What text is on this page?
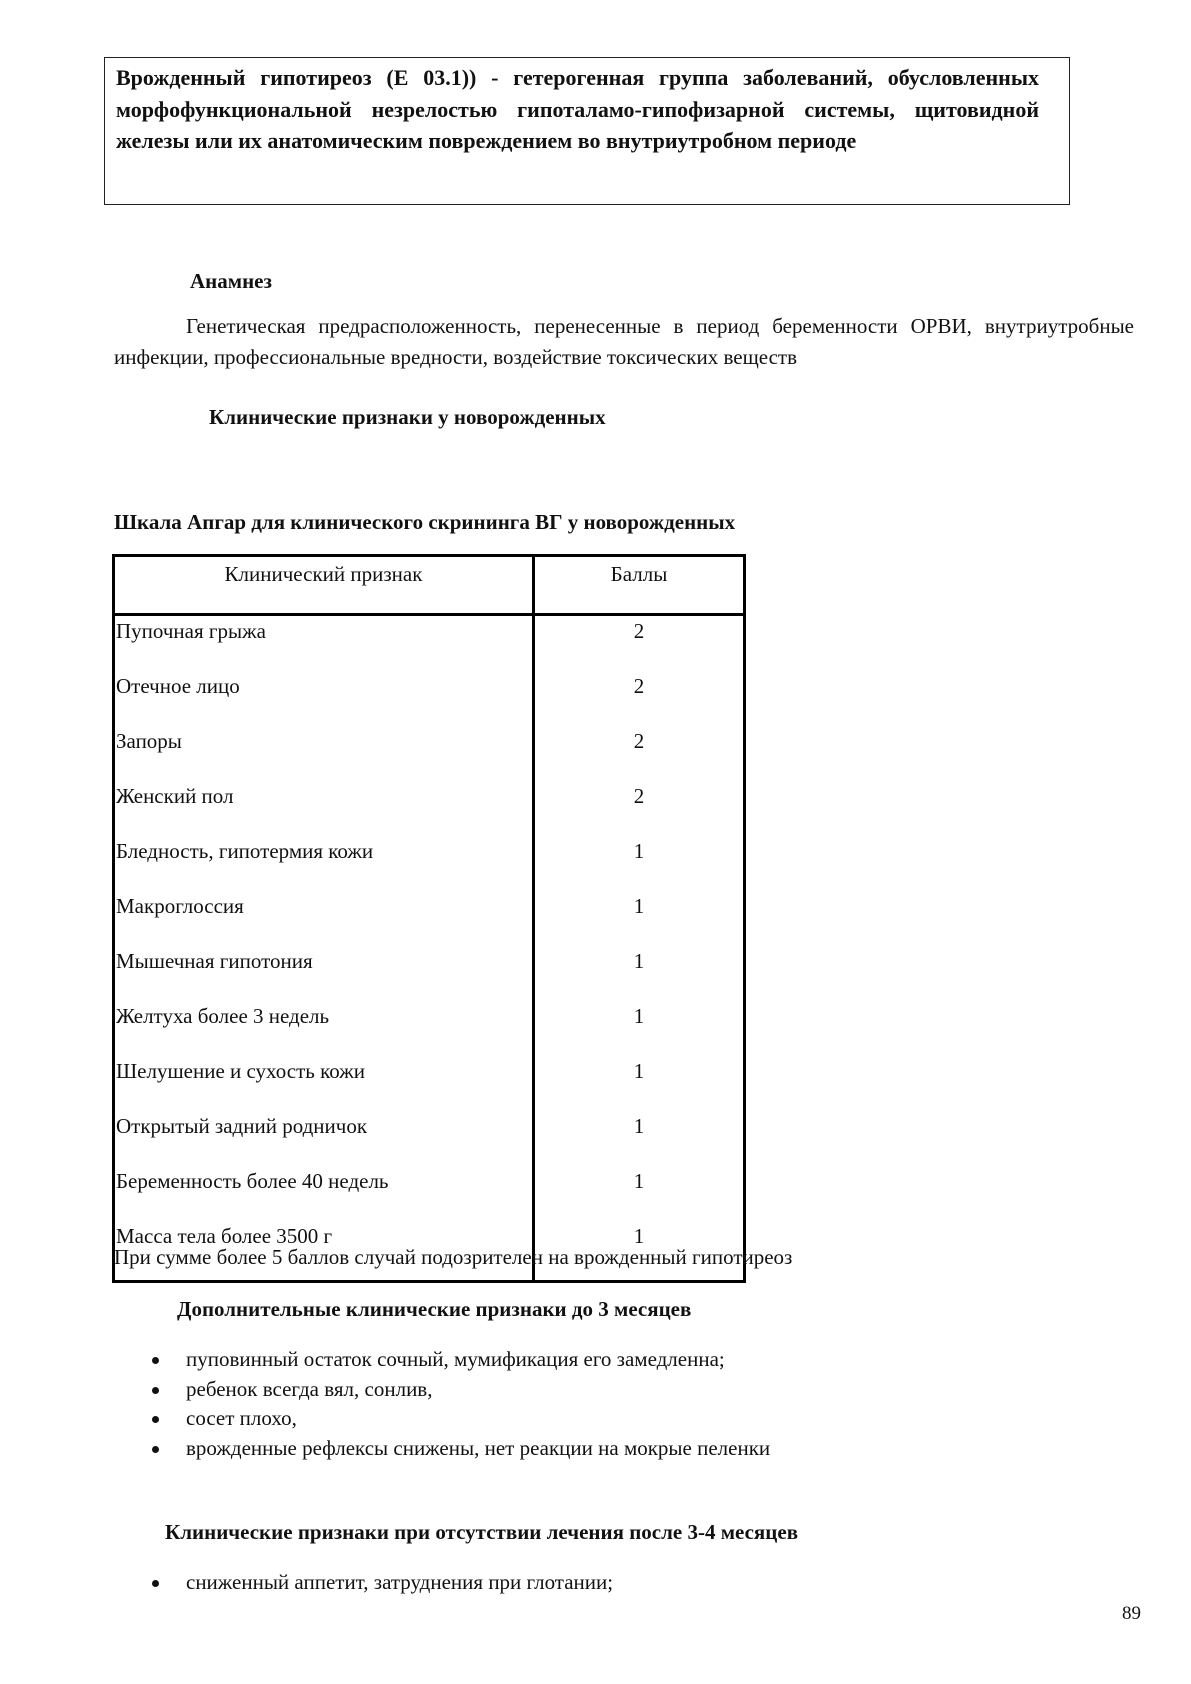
Врожденный гипотиреоз (Е 03.1)) - гетерогенная группа заболеваний, обусловленных морфофункциональной незрелостью гипоталамо-гипофизарной системы, щитовидной железы или их анатомическим повреждением во внутриутробном периоде

Анамнез

Генетическая предрасположенность, перенесенные в период беременности ОРВИ, внутриутробные инфекции, профессиональные вредности, воздействие токсических веществ

Клинические признаки у новорожденных
Шкала Апгар для клинического скрининга ВГ у новорожденных
Клинический признак	Баллы
Пупочная грыжа	2
Отечное лицо	2
Запоры	2
Женский пол	2
Бледность, гипотермия кожи	1
Макроглоссия	1
Мышечная гипотония	1
Желтуха более 3 недель	1
Шелушение и сухость кожи	1
Открытый задний родничок	1
Беременность более 40 недель	1
Масса тела более 3500 г	1
При сумме более 5 баллов случай подозрителен на врожденный гипотиреоз
Дополнительные клинические признаки до 3 месяцев
пуповинный остаток сочный, мумификация его замедленна;
ребенок всегда вял, сонлив,
сосет плохо,
врожденные рефлексы снижены, нет реакции на мокрые пеленки
Клинические признаки при отсутствии лечения после 3-4 месяцев
сниженный аппетит, затруднения при глотании;
89
